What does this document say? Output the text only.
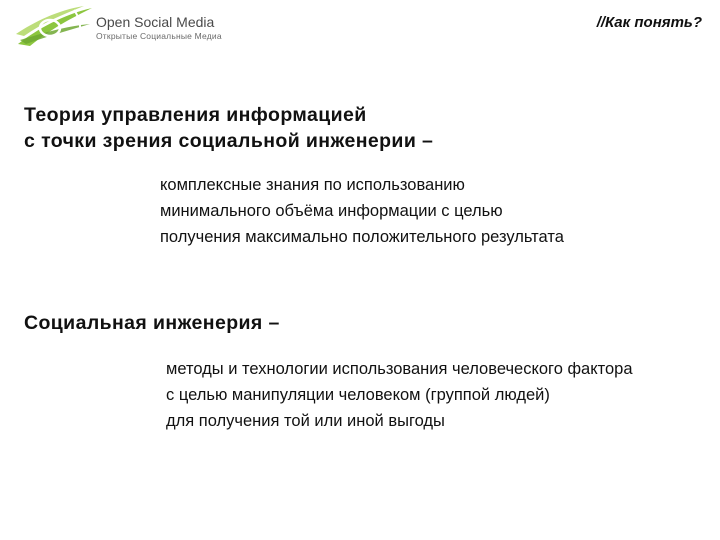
Open Social Media
Открытые Социальные Медиа
//Как понять?
Теория управления информацией
с точки зрения социальной инженерии –
комплексные знания по использованию
минимального объёма информации с целью
получения максимально положительного результата
Социальная инженерия –
методы и технологии использования человеческого фактора
с целью манипуляции человеком (группой людей)
для получения той или иной выгоды
